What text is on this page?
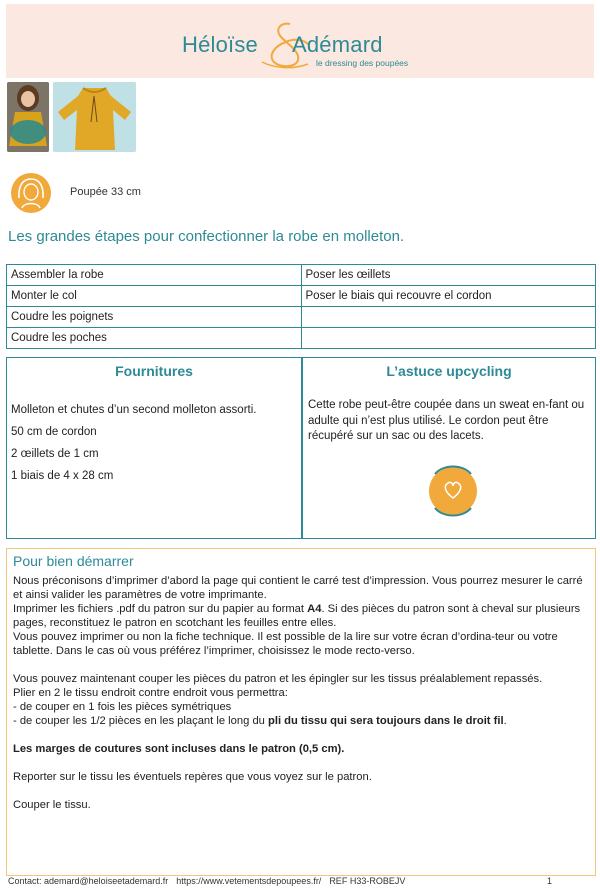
Héloïse Adémard
le dressing des poupées
Poupée 33 cm
Les grandes étapes pour confectionner la robe en molleton.
Assembler la robe	Poser les œillets
Monter le col	Poser le biais qui recouvre el cordon
Coudre les poignets	
Coudre les poches	
Fournitures
Molleton et chutes d’un second molleton assorti.
50 cm de cordon
2 œillets de 1 cm
1 biais de 4 x 28 cm
L’astuce upcycling
Cette robe peut-être coupée dans un sweat en-fant ou adulte qui n’est plus utilisé. Le cordon peut être récupéré sur un sac ou des lacets.
Pour bien démarrer

Nous préconisons d’imprimer d’abord la page qui contient le carré test d’impression. Vous pourrez mesurer le carré et ainsi valider les paramètres de votre imprimante.

Imprimer les fichiers .pdf du patron sur du papier au format A4. Si des pièces du patron sont à cheval sur plusieurs pages, reconstituez le patron en scotchant les feuilles entre elles.

Vous pouvez imprimer ou non la fiche technique. Il est possible de la lire sur votre écran d’ordina-teur ou votre tablette. Dans le cas où vous préférez l’imprimer, choisissez le mode recto-verso.

Vous pouvez maintenant couper les pièces du patron et les épingler sur les tissus préalablement repassés.

Plier en 2 le tissu endroit contre endroit vous permettra:

- de couper en 1 fois les pièces symétriques

- de couper les 1/2 pièces en les plaçant le long du pli du tissu qui sera toujours dans le droit fil.

Les marges de coutures sont incluses dans le patron (0,5 cm).

Reporter sur le tissu les éventuels repères que vous voyez sur le patron.

Couper le tissu.

Contact: ademard@heloiseetademard.fr https://www.vetementsdepoupees.fr/ REF H33-ROBEJV	1
